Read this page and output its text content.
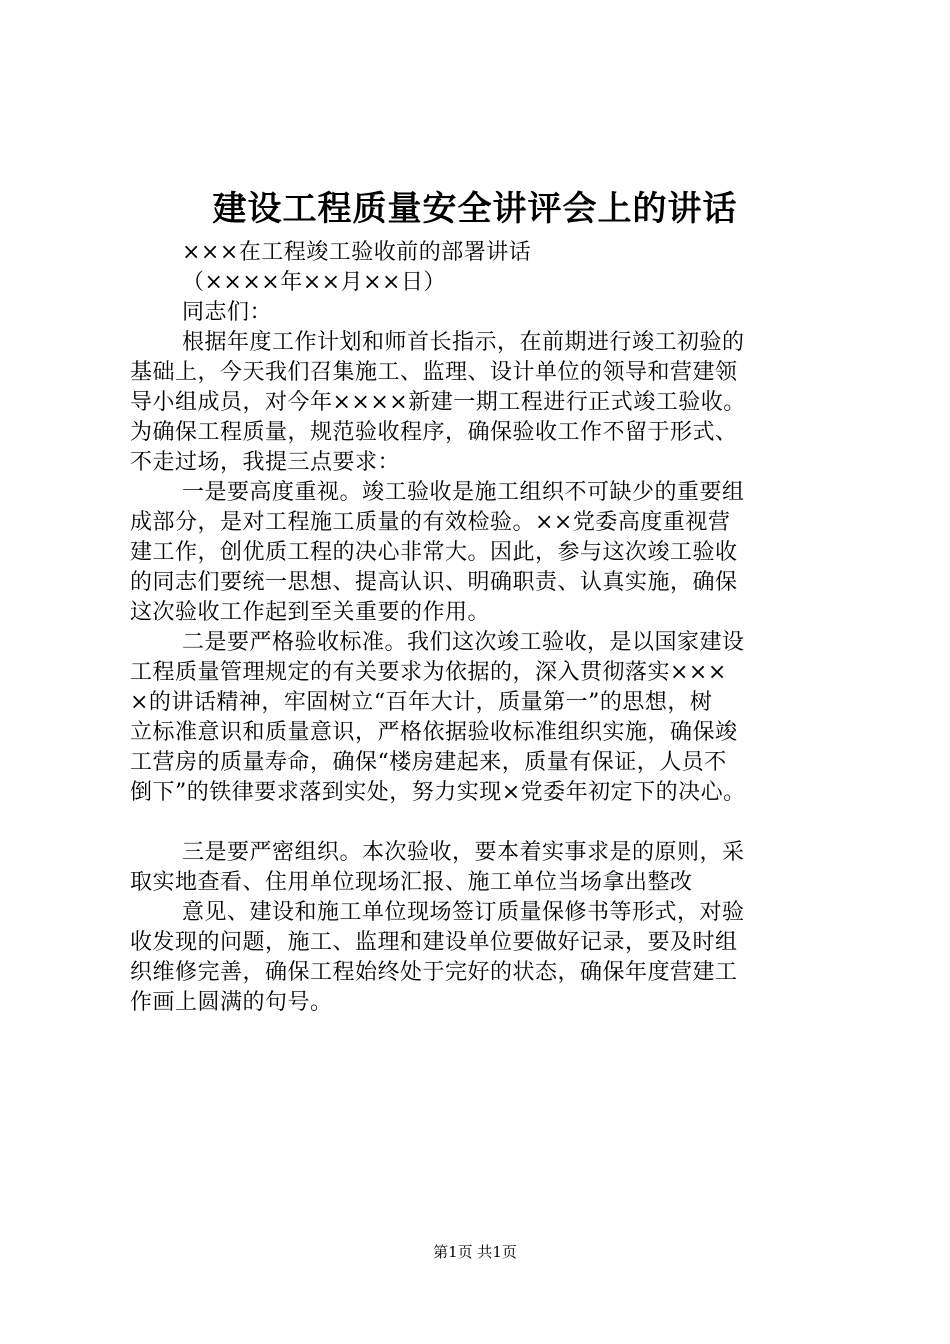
建设工程质量安全讲评会上的讲话
×××在工程竣工验收前的部署讲话
（××××年××月××日）
同志们：
根据年度工作计划和师首长指示，在前期进行竣工初验的
基础上，今天我们召集施工、监理、设计单位的领导和营建领
导小组成员，对今年××××新建一期工程进行正式竣工验收。
为确保工程质量，规范验收程序，确保验收工作不留于形式、
不走过场，我提三点要求：
一是要高度重视。竣工验收是施工组织不可缺少的重要组
成部分，是对工程施工质量的有效检验。××党委高度重视营
建工作，创优质工程的决心非常大。因此，参与这次竣工验收
的同志们要统一思想、提高认识、明确职责、认真实施，确保
这次验收工作起到至关重要的作用。
二是要严格验收标准。我们这次竣工验收，是以国家建设
工程质量管理规定的有关要求为依据的，深入贯彻落实×××
×的讲话精神，牢固树立“百年大计，质量第一”的思想，树
立标准意识和质量意识，严格依据验收标准组织实施，确保竣
工营房的质量寿命，确保“楼房建起来，质量有保证，人员不
倒下”的铁律要求落到实处，努力实现×党委年初定下的决心。
三是要严密组织。本次验收，要本着实事求是的原则，采
取实地查看、住用单位现场汇报、施工单位当场拿出整改
意见、建设和施工单位现场签订质量保修书等形式，对验
收发现的问题，施工、监理和建设单位要做好记录，要及时组
织维修完善，确保工程始终处于完好的状态，确保年度营建工
作画上圆满的句号。
第1页 共1页
